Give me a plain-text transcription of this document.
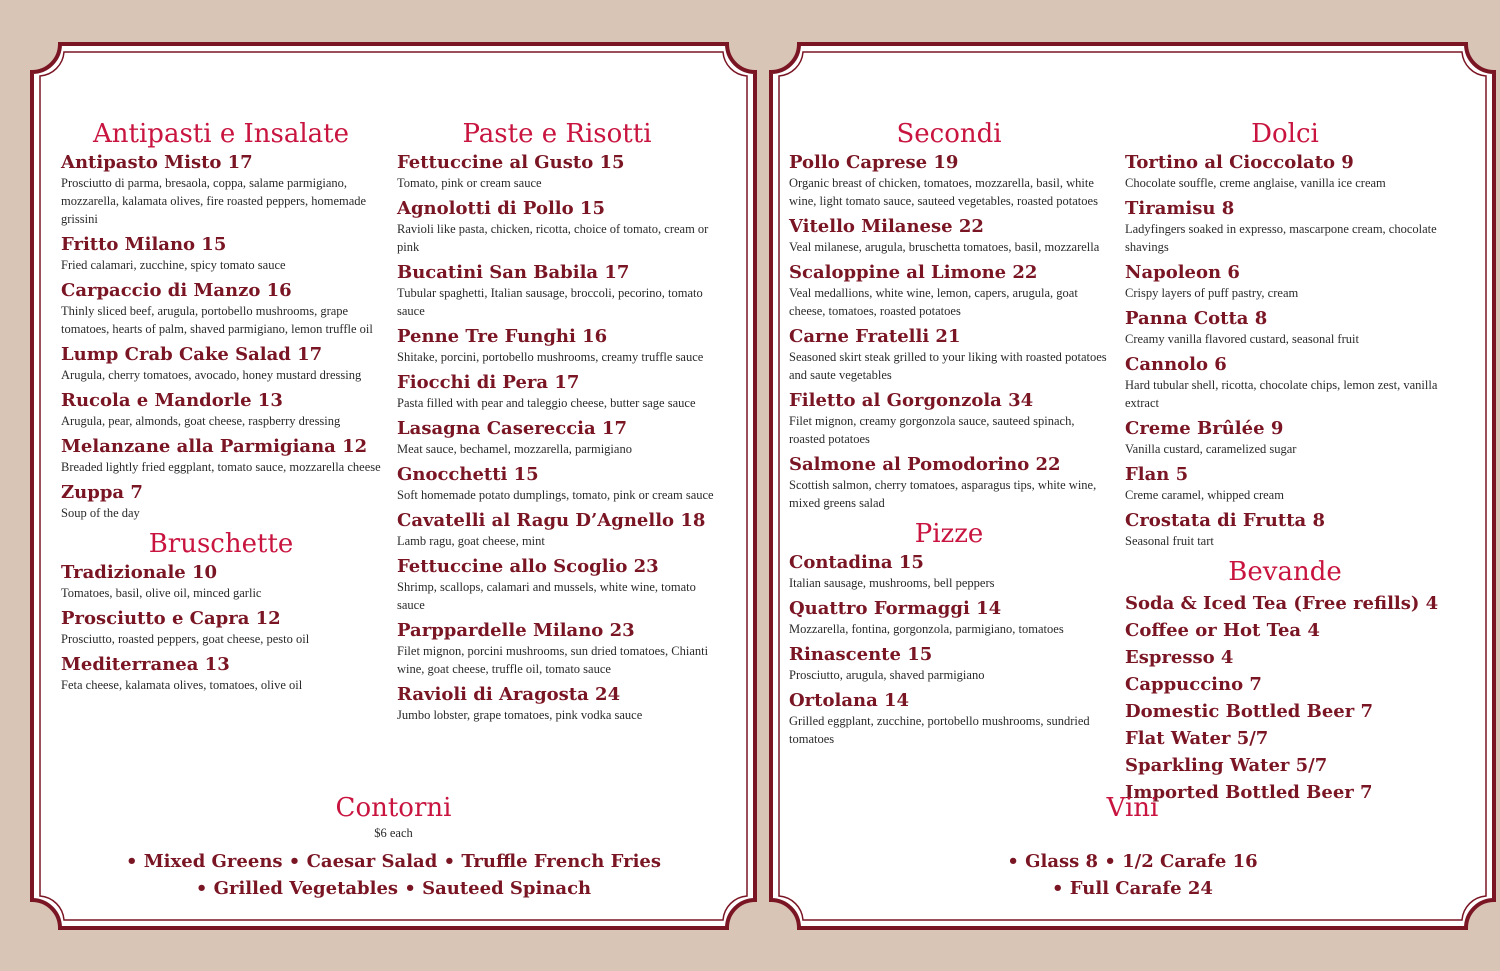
Antipasti e Insalate
Antipasto Misto 17
Prosciutto di parma, bresaola, coppa, salame parmigiano, mozzarella, kalamata olives, fire roasted peppers, homemade grissini
Fritto Milano 15
Fried calamari, zucchine, spicy tomato sauce
Carpaccio di Manzo 16
Thinly sliced beef, arugula, portobello mushrooms, grape tomatoes, hearts of palm, shaved parmigiano, lemon truffle oil
Lump Crab Cake Salad 17
Arugula, cherry tomatoes, avocado, honey mustard dressing
Rucola e Mandorle 13
Arugula, pear, almonds, goat cheese, raspberry dressing
Melanzane alla Parmigiana 12
Breaded lightly fried eggplant, tomato sauce, mozzarella cheese
Zuppa 7
Soup of the day
Bruschette
Tradizionale 10
Tomatoes, basil, olive oil, minced garlic
Prosciutto e Capra 12
Prosciutto, roasted peppers, goat cheese, pesto oil
Mediterranea 13
Feta cheese, kalamata olives, tomatoes, olive oil
Paste e Risotti
Fettuccine al Gusto 15
Tomato, pink or cream sauce
Agnolotti di Pollo 15
Ravioli like pasta, chicken, ricotta, choice of tomato, cream or pink
Bucatini San Babila 17
Tubular spaghetti, Italian sausage, broccoli, pecorino, tomato sauce
Penne Tre Funghi 16
Shitake, porcini, portobello mushrooms, creamy truffle sauce
Fiocchi di Pera 17
Pasta filled with pear and taleggio cheese, butter sage sauce
Lasagna Casereccia 17
Meat sauce, bechamel, mozzarella, parmigiano
Gnocchetti 15
Soft homemade potato dumplings, tomato, pink or cream sauce
Cavatelli al Ragu D’Agnello 18
Lamb ragu, goat cheese, mint
Fettuccine allo Scoglio 23
Shrimp, scallops, calamari and mussels, white wine, tomato sauce
Parppardelle Milano 23
Filet mignon, porcini mushrooms, sun dried tomatoes, Chianti wine, goat cheese, truffle oil, tomato sauce
Ravioli di Aragosta 24
Jumbo lobster, grape tomatoes, pink vodka sauce
Contorni
$6 each
• Mixed Greens • Caesar Salad • Truffle French Fries
• Grilled Vegetables • Sauteed Spinach
Secondi
Pollo Caprese 19
Organic breast of chicken, tomatoes, mozzarella, basil, white wine, light tomato sauce, sauteed vegetables, roasted potatoes
Vitello Milanese 22
Veal milanese, arugula, bruschetta tomatoes, basil, mozzarella
Scaloppine al Limone 22
Veal medallions, white wine, lemon, capers, arugula, goat cheese, tomatoes, roasted potatoes
Carne Fratelli 21
Seasoned skirt steak grilled to your liking with roasted potatoes and saute vegetables
Filetto al Gorgonzola 34
Filet mignon, creamy gorgonzola sauce, sauteed spinach, roasted potatoes
Salmone al Pomodorino 22
Scottish salmon, cherry tomatoes, asparagus tips, white wine, mixed greens salad
Pizze
Contadina 15
Italian sausage, mushrooms, bell peppers
Quattro Formaggi 14
Mozzarella, fontina, gorgonzola, parmigiano, tomatoes
Rinascente 15
Prosciutto, arugula, shaved parmigiano
Ortolana 14
Grilled eggplant, zucchine, portobello mushrooms, sundried tomatoes
Dolci
Tortino al Cioccolato 9
Chocolate souffle, creme anglaise, vanilla ice cream
Tiramisu 8
Ladyfingers soaked in expresso, mascarpone cream, chocolate shavings
Napoleon 6
Crispy layers of puff pastry, cream
Panna Cotta 8
Creamy vanilla flavored custard, seasonal fruit
Cannolo 6
Hard tubular shell, ricotta, chocolate chips, lemon zest, vanilla extract
Creme Brûlée 9
Vanilla custard, caramelized sugar
Flan 5
Creme caramel, whipped cream
Crostata di Frutta 8
Seasonal fruit tart
Bevande
Soda & Iced Tea (Free refills) 4
Coffee or Hot Tea 4
Espresso 4
Cappuccino 7
Domestic Bottled Beer 7
Flat Water 5/7
Sparkling Water 5/7
Imported Bottled Beer 7
Vini
• Glass 8 • 1/2 Carafe 16
• Full Carafe 24
